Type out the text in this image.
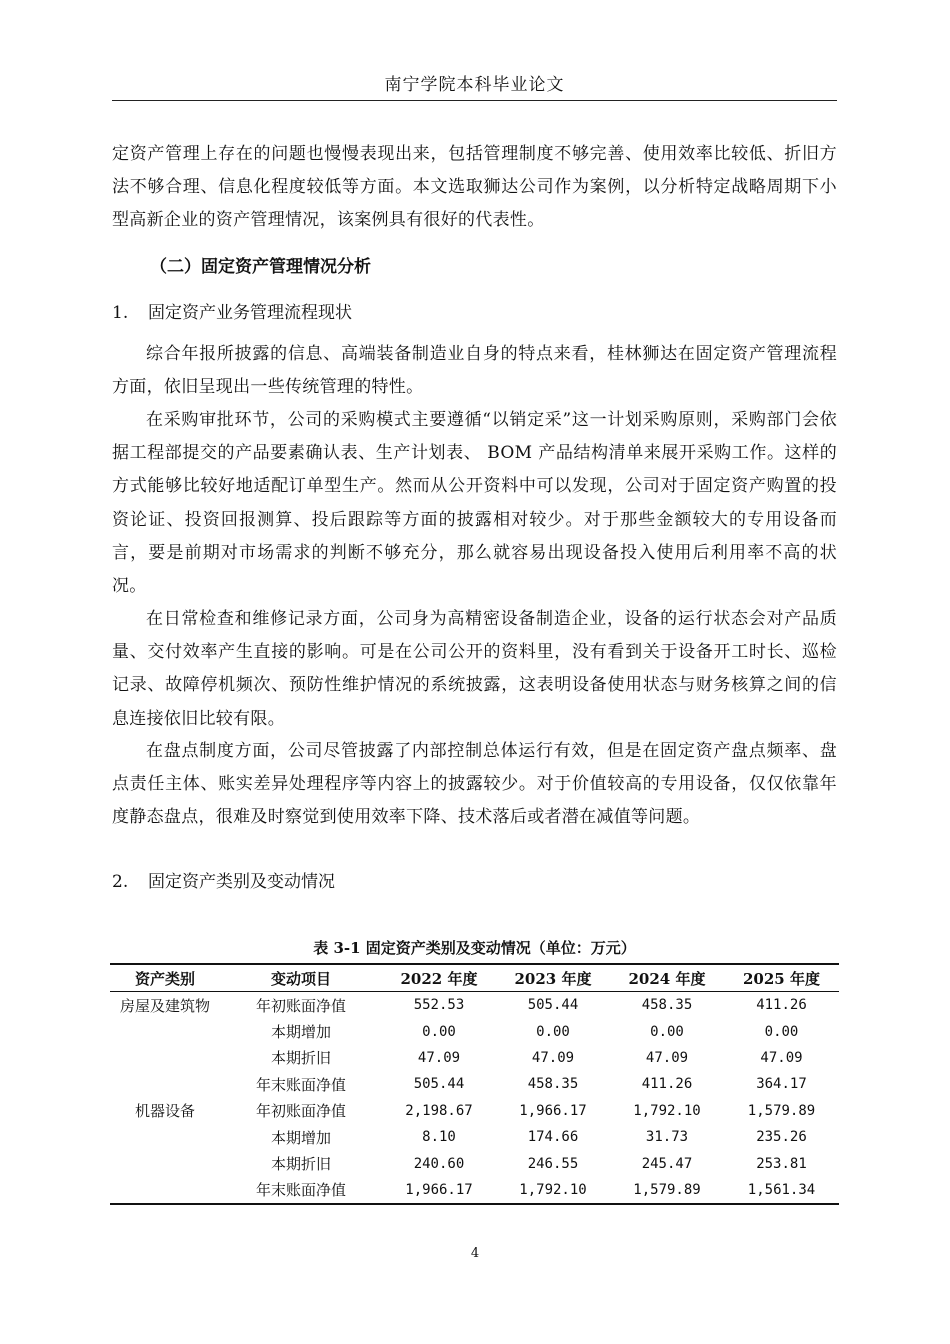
南宁学院本科毕业论文

定资产管理上存在的问题也慢慢表现出来，包括管理制度不够完善、使用效率比较低、折旧方法不够合理、信息化程度较低等方面。本文选取狮达公司作为案例，以分析特定战略周期下小型高新企业的资产管理情况，该案例具有很好的代表性。

（二）固定资产管理情况分析

1. 固定资产业务管理流程现状

综合年报所披露的信息、高端装备制造业自身的特点来看，桂林狮达在固定资产管理流程方面，依旧呈现出一些传统管理的特性。

在采购审批环节，公司的采购模式主要遵循“以销定采”这一计划采购原则，采购部门会依据工程部提交的产品要素确认表、生产计划表、 BOM 产品结构清单来展开采购工作。这样的方式能够比较好地适配订单型生产。然而从公开资料中可以发现，公司对于固定资产购置的投资论证、投资回报测算、投后跟踪等方面的披露相对较少。对于那些金额较大的专用设备而言，要是前期对市场需求的判断不够充分，那么就容易出现设备投入使用后利用率不高的状况。

在日常检查和维修记录方面，公司身为高精密设备制造企业，设备的运行状态会对产品质量、交付效率产生直接的影响。可是在公司公开的资料里，没有看到关于设备开工时长、巡检记录、故障停机频次、预防性维护情况的系统披露，这表明设备使用状态与财务核算之间的信息连接依旧比较有限。

在盘点制度方面，公司尽管披露了内部控制总体运行有效，但是在固定资产盘点频率、盘点责任主体、账实差异处理程序等内容上的披露较少。对于价值较高的专用设备，仅仅依靠年度静态盘点，很难及时察觉到使用效率下降、技术落后或者潜在减值等问题。

2. 固定资产类别及变动情况

表 3-1 固定资产类别及变动情况（单位：万元）
资产类别	变动项目	2022 年度	2023 年度	2024 年度	2025 年度
房屋及建筑物	年初账面净值	552.53	505.44	458.35	411.26
	本期增加	0.00	0.00	0.00	0.00
	本期折旧	47.09	47.09	47.09	47.09
	年末账面净值	505.44	458.35	411.26	364.17
机器设备	年初账面净值	2,198.67	1,966.17	1,792.10	1,579.89
	本期增加	8.10	174.66	31.73	235.26
	本期折旧	240.60	246.55	245.47	253.81
	年末账面净值	1,966.17	1,792.10	1,579.89	1,561.34
4
